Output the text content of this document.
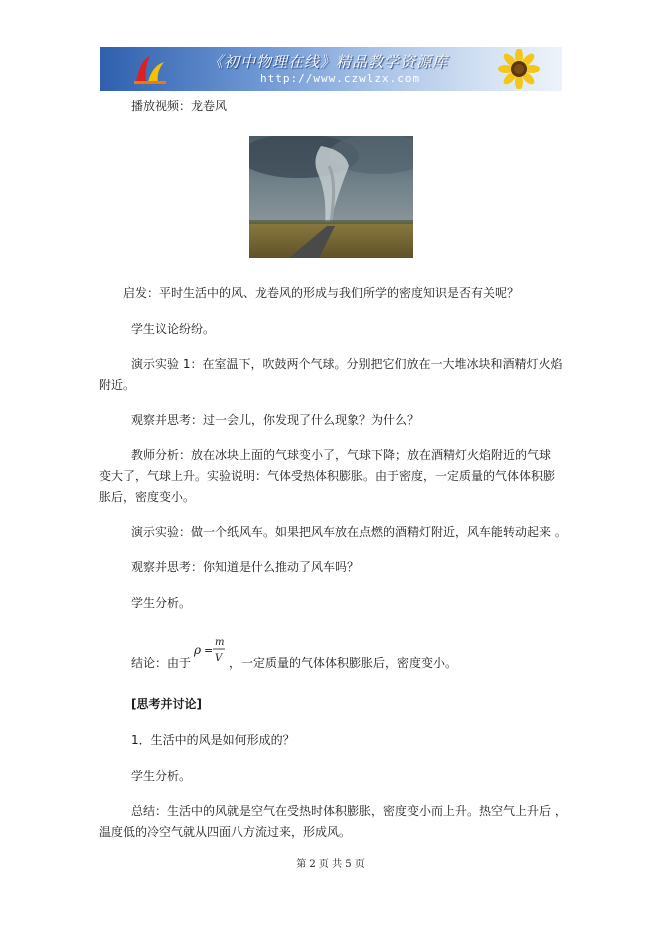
《初中物理在线》精品教学资源库
http://www.czwlzx.com
播放视频：龙卷风
启发：平时生活中的风、龙卷风的形成与我们所学的密度知识是否有关呢？
学生议论纷纷。
演示实验 1：在室温下，吹鼓两个气球。分别把它们放在一大堆冰块和酒精灯火焰
附近。
观察并思考：过一会儿，你发现了什么现象？为什么？
教师分析：放在冰块上面的气球变小了，气球下降；放在酒精灯火焰附近的气球
变大了，气球上升。实验说明：气体受热体积膨胀。由于密度，一定质量的气体体积膨
胀后，密度变小。
演示实验：做一个纸风车。如果把风车放在点燃的酒精灯附近，风车能转动起来 。
观察并思考：你知道是什么推动了风车吗？
学生分析。
结论：由于
ρ =
m
V ，一定质量的气体体积膨胀后，密度变小。
[思考并讨论]
1．生活中的风是如何形成的？
学生分析。
总结：生活中的风就是空气在受热时体积膨胀，密度变小而上升。热空气上升后 ，
温度低的冷空气就从四面八方流过来，形成风。
第 2 页 共 5 页
